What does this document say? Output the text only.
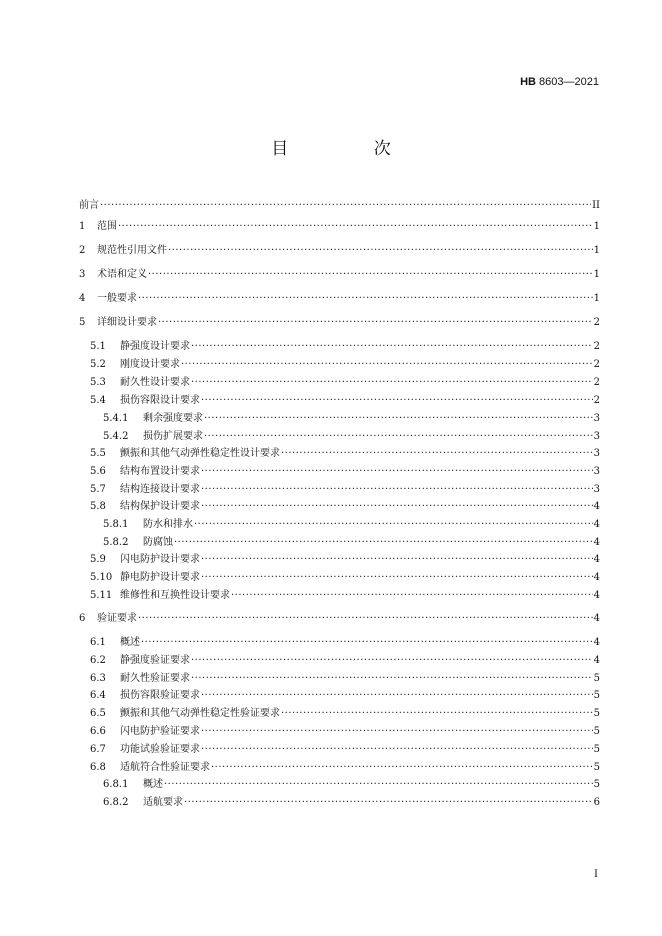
HB 8603—2021
目 次
前言 ·····	II
1	范围 ·····	1
2	规范性引用文件 ·····	1
3	术语和定义 ·····	1
4	一般要求 ·····	1
5	详细设计要求 ·····	2
5.1	静强度设计要求 ·····	2
5.2	刚度设计要求 ·····	2
5.3	耐久性设计要求 ·····	2
5.4	损伤容限设计要求 ·····	2
5.4.1	剩余强度要求 ·····	3
5.4.2	损伤扩展要求 ·····	3
5.5	颤振和其他气动弹性稳定性设计要求 ·····	3
5.6	结构布置设计要求 ·····	3
5.7	结构连接设计要求 ·····	3
5.8	结构保护设计要求 ·····	4
5.8.1	防水和排水 ·····	4
5.8.2	防腐蚀 ·····	4
5.9	闪电防护设计要求 ·····	4
5.10 静电防护设计要求 ·····	4
5.11 维修性和互换性设计要求 ·····	4
6	验证要求 ·····	4
6.1	概述 ·····	4
6.2	静强度验证要求 ·····	4
6.3	耐久性验证要求 ·····	5
6.4	损伤容限验证要求 ·····	5
6.5	颤振和其他气动弹性稳定性验证要求 ·····	5
6.6	闪电防护验证要求 ·····	5
6.7	功能试验验证要求 ·····	5
6.8	适航符合性验证要求 ·····	5
6.8.1	概述 ·····	5
6.8.2	适航要求 ·····	6
I
